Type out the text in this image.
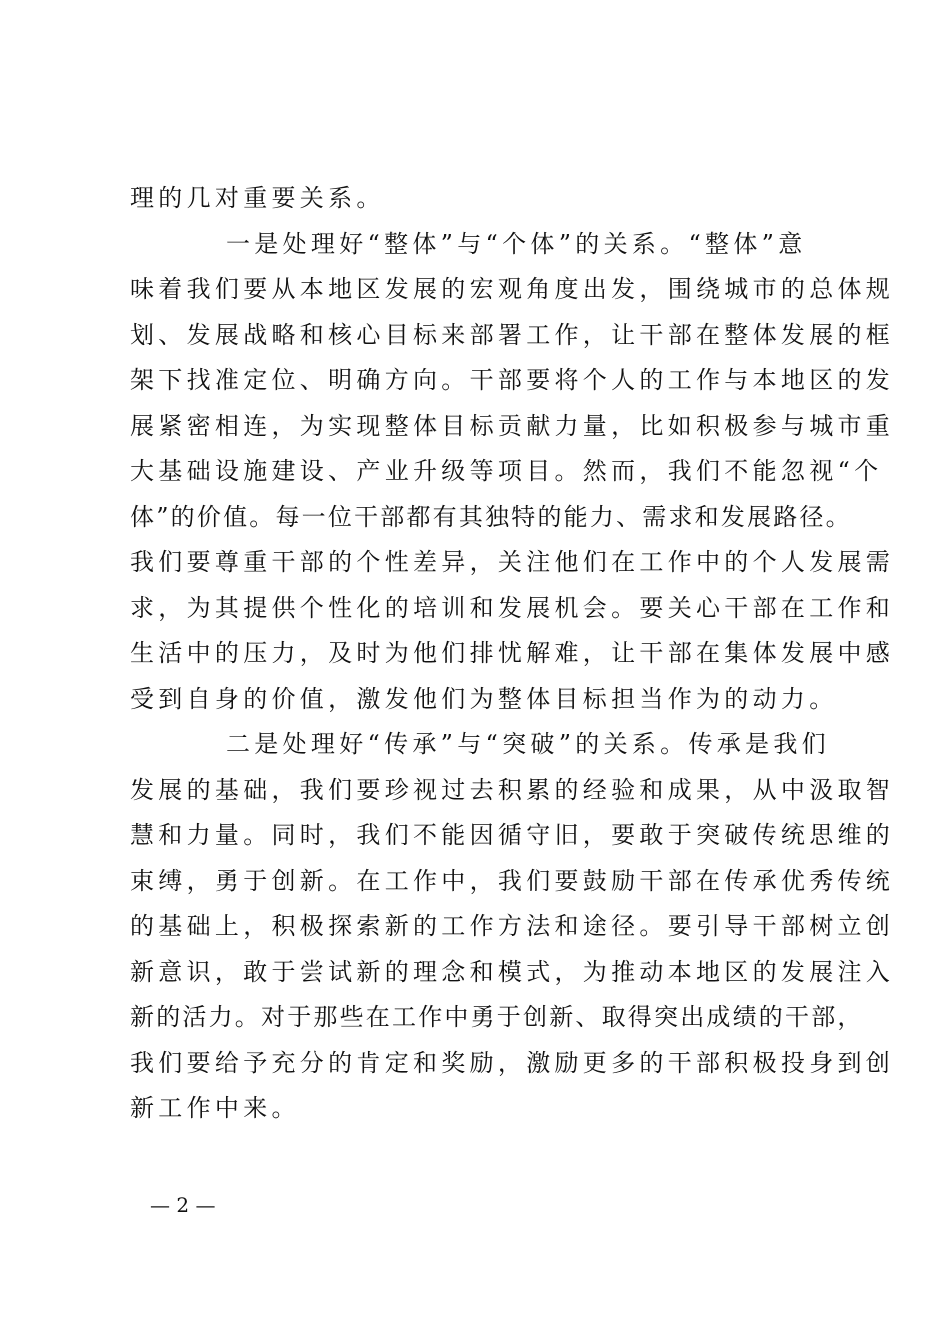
理的几对重要关系。
一是处理好“整体”与“个体”的关系。“整体”意
味着我们要从本地区发展的宏观角度出发，围绕城市的总体规
划、发展战略和核心目标来部署工作，让干部在整体发展的框
架下找准定位、明确方向。干部要将个人的工作与本地区的发
展紧密相连，为实现整体目标贡献力量，比如积极参与城市重
大基础设施建设、产业升级等项目。然而，我们不能忽视“个
体”的价值。每一位干部都有其独特的能力、需求和发展路径。
我们要尊重干部的个性差异，关注他们在工作中的个人发展需
求，为其提供个性化的培训和发展机会。要关心干部在工作和
生活中的压力，及时为他们排忧解难，让干部在集体发展中感
受到自身的价值，激发他们为整体目标担当作为的动力。
二是处理好“传承”与“突破”的关系。传承是我们
发展的基础，我们要珍视过去积累的经验和成果，从中汲取智
慧和力量。同时，我们不能因循守旧，要敢于突破传统思维的
束缚，勇于创新。在工作中，我们要鼓励干部在传承优秀传统
的基础上，积极探索新的工作方法和途径。要引导干部树立创
新意识，敢于尝试新的理念和模式，为推动本地区的发展注入
新的活力。对于那些在工作中勇于创新、取得突出成绩的干部，
我们要给予充分的肯定和奖励，激励更多的干部积极投身到创
新工作中来。
— 2 —
